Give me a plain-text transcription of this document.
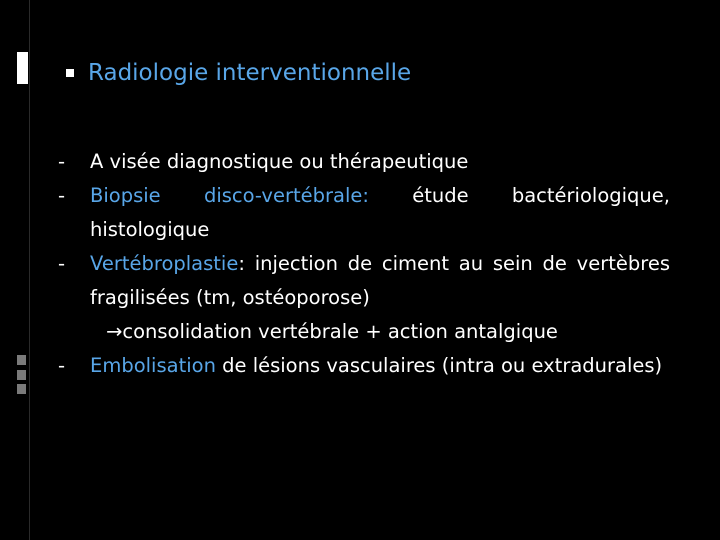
Radiologie interventionnelle
- A visée diagnostique ou thérapeutique
- Biopsie disco-vertébrale: étude bactériologique, histologique
- Vertébroplastie: injection de ciment au sein de vertèbres fragilisées (tm, ostéoporose)
→consolidation vertébrale + action antalgique
- Embolisation de lésions vasculaires (intra ou extradurales)
